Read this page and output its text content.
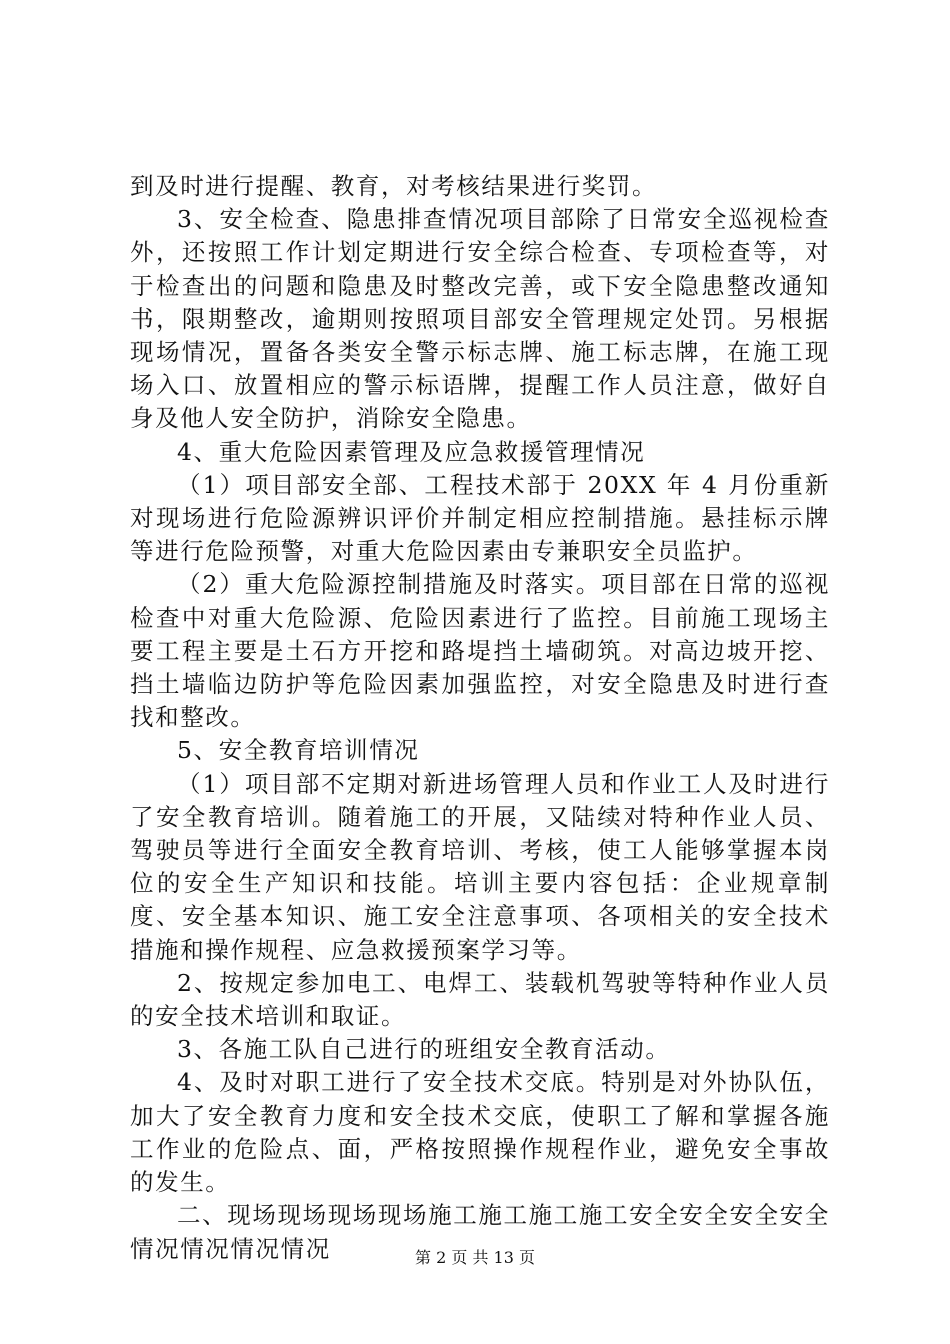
到及时进行提醒、教育，对考核结果进行奖罚。

3、安全检查、隐患排查情况项目部除了日常安全巡视检查外，还按照工作计划定期进行安全综合检查、专项检查等，对于检查出的问题和隐患及时整改完善，或下安全隐患整改通知书，限期整改，逾期则按照项目部安全管理规定处罚。另根据现场情况，置备各类安全警示标志牌、施工标志牌，在施工现场入口、放置相应的警示标语牌，提醒工作人员注意，做好自身及他人安全防护，消除安全隐患。

4、重大危险因素管理及应急救援管理情况

（1）项目部安全部、工程技术部于 20XX 年 4 月份重新对现场进行危险源辨识评价并制定相应控制措施。悬挂标示牌等进行危险预警，对重大危险因素由专兼职安全员监护。

（2）重大危险源控制措施及时落实。项目部在日常的巡视检查中对重大危险源、危险因素进行了监控。目前施工现场主要工程主要是土石方开挖和路堤挡土墙砌筑。对高边坡开挖、挡土墙临边防护等危险因素加强监控，对安全隐患及时进行查找和整改。

5、安全教育培训情况

（1）项目部不定期对新进场管理人员和作业工人及时进行了安全教育培训。随着施工的开展，又陆续对特种作业人员、驾驶员等进行全面安全教育培训、考核，使工人能够掌握本岗位的安全生产知识和技能。培训主要内容包括：企业规章制度、安全基本知识、施工安全注意事项、各项相关的安全技术措施和操作规程、应急救援预案学习等。

2、按规定参加电工、电焊工、装载机驾驶等特种作业人员的安全技术培训和取证。

3、各施工队自己进行的班组安全教育活动。

4、及时对职工进行了安全技术交底。特别是对外协队伍，加大了安全教育力度和安全技术交底，使职工了解和掌握各施工作业的危险点、面，严格按照操作规程作业，避免安全事故的发生。

二、现场现场现场现场施工施工施工施工安全安全安全安全情况情况情况情况	第 2 页 共 13 页
